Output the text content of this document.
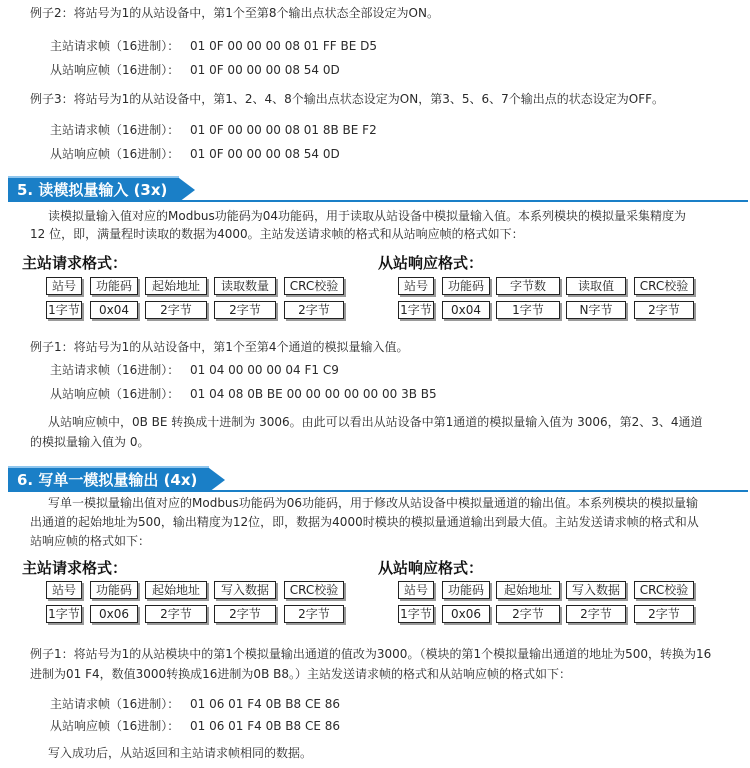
例子2：将站号为1的从站设备中，第1个至第8个输出点状态全部设定为ON。
主站请求帧（16进制）： 01 0F 00 00 00 08 01 FF BE D5
从站响应帧（16进制）： 01 0F 00 00 00 08 54 0D
例子3：将站号为1的从站设备中，第1、2、4、8个输出点状态设定为ON，第3、5、6、7个输出点的状态设定为OFF。
主站请求帧（16进制）： 01 0F 00 00 00 08 01 8B BE F2
从站响应帧（16进制）： 01 0F 00 00 00 08 54 0D
5. 读模拟量输入 (3x)
读模拟量输入值对应的Modbus功能码为04功能码，用于读取从站设备中模拟量输入值。本系列模块的模拟量采集精度为
12 位，即，满量程时读取的数据为4000。主站发送请求帧的格式和从站响应帧的格式如下：
主站请求格式：	从站响应格式：
站号	功能码	起始地址	读取数量	CRC校验
1字节	0x04	2字节	2字节	2字节
站号	功能码	字节数	读取值	CRC校验
1字节	0x04	1字节	N字节	2字节
例子1：将站号为1的从站设备中，第1个至第4个通道的模拟量输入值。
主站请求帧（16进制）： 01 04 00 00 00 04 F1 C9
从站响应帧（16进制）： 01 04 08 0B BE 00 00 00 00 00 00 3B B5
从站响应帧中，0B BE 转换成十进制为 3006。由此可以看出从站设备中第1通道的模拟量输入值为 3006，第2、3、4通道
的模拟量输入值为 0。
6. 写单一模拟量输出 (4x)
写单一模拟量输出值对应的Modbus功能码为06功能码，用于修改从站设备中模拟量通道的输出值。本系列模块的模拟量输
出通道的起始地址为500，输出精度为12位，即，数据为4000时模块的模拟量通道输出到最大值。主站发送请求帧的格式和从
站响应帧的格式如下：
主站请求格式：	从站响应格式：
站号	功能码	起始地址	写入数据	CRC校验
1字节	0x06	2字节	2字节	2字节
站号	功能码	起始地址	写入数据	CRC校验
1字节	0x06	2字节	2字节	2字节
例子1：将站号为1的从站模块中的第1个模拟量输出通道的值改为3000。（模块的第1个模拟量输出通道的地址为500，转换为16
进制为01 F4，数值3000转换成16进制为0B B8。）主站发送请求帧的格式和从站响应帧的格式如下：
主站请求帧（16进制）： 01 06 01 F4 0B B8 CE 86
从站响应帧（16进制）： 01 06 01 F4 0B B8 CE 86
写入成功后，从站返回和主站请求帧相同的数据。
